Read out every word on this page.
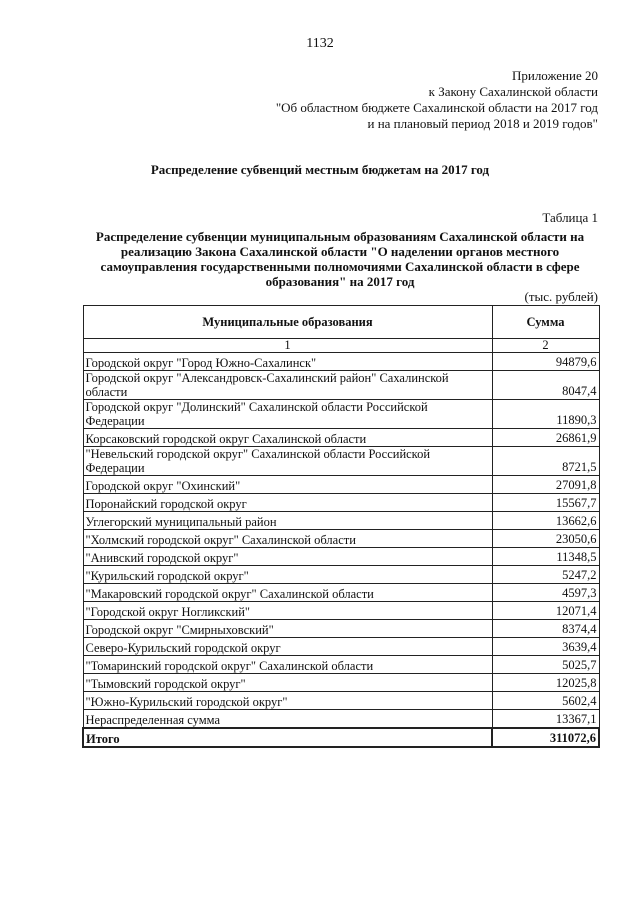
1132
Приложение 20
к Закону Сахалинской области
"Об областном бюджете Сахалинской области на 2017 год
и на плановый период 2018 и 2019 годов"
Распределение субвенций местным бюджетам на 2017 год
Таблица 1
Распределение субвенции муниципальным образованиям Сахалинской области на
реализацию Закона Сахалинской области "О наделении органов местного
самоуправления государственными полномочиями Сахалинской области в сфере
образования" на 2017 год
(тыс. рублей)
Муниципальные образования	Сумма
1	2
Городской округ "Город Южно-Сахалинск"	94879,6
Городской округ "Александровск-Сахалинский район" Сахалинской области	8047,4
Городской округ "Долинский" Сахалинской области Российской Федерации	11890,3
Корсаковский городской округ Сахалинской области	26861,9
"Невельский городской округ" Сахалинской области Российской Федерации	8721,5
Городской округ "Охинский"	27091,8
Поронайский городской округ	15567,7
Углегорский муниципальный район	13662,6
"Холмский городской округ" Сахалинской области	23050,6
"Анивский городской округ"	11348,5
"Курильский городской округ"	5247,2
"Макаровский городской округ" Сахалинской области	4597,3
"Городской округ Ногликский"	12071,4
Городской округ "Смирныховский"	8374,4
Северо-Курильский городской округ	3639,4
"Томаринский городской округ" Сахалинской области	5025,7
"Тымовский городской округ"	12025,8
"Южно-Курильский городской округ"	5602,4
Нераспределенная сумма	13367,1
Итого	311072,6
